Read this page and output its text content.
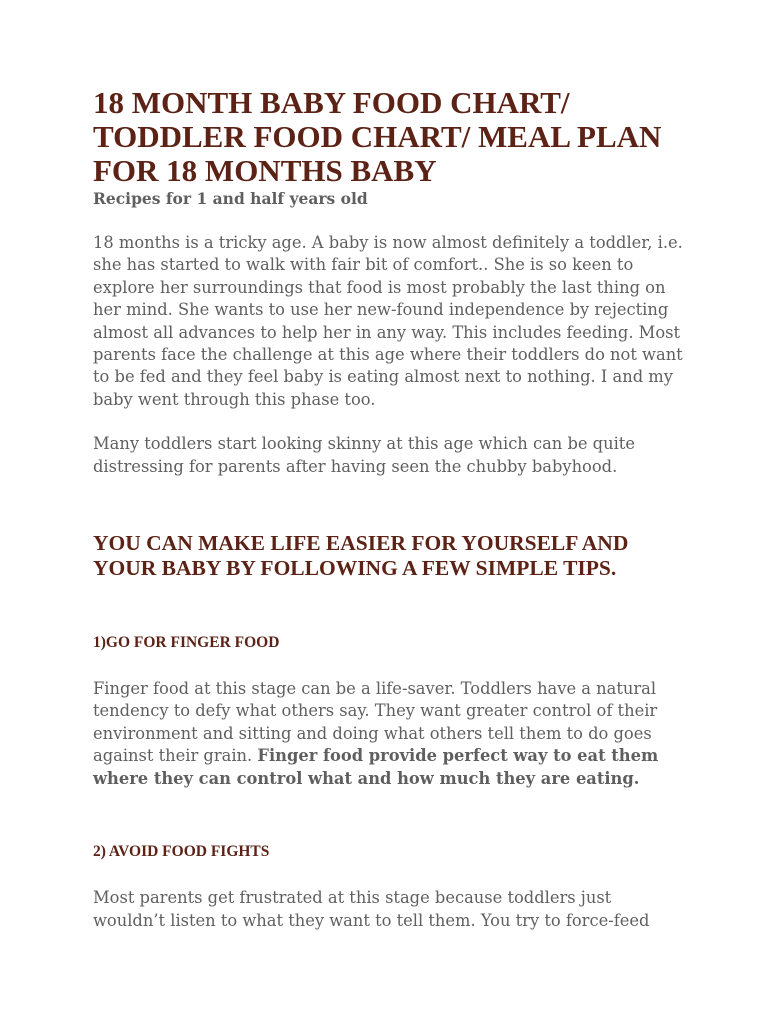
18 MONTH BABY FOOD CHART/ TODDLER FOOD CHART/ MEAL PLAN FOR 18 MONTHS BABY

Recipes for 1 and half years old

18 months is a tricky age. A baby is now almost definitely a toddler, i.e. she has started to walk with fair bit of comfort.. She is so keen to explore her surroundings that food is most probably the last thing on her mind. She wants to use her new-found independence by rejecting almost all advances to help her in any way. This includes feeding. Most parents face the challenge at this age where their toddlers do not want to be fed and they feel baby is eating almost next to nothing. I and my baby went through this phase too.

Many toddlers start looking skinny at this age which can be quite distressing for parents after having seen the chubby babyhood.

YOU CAN MAKE LIFE EASIER FOR YOURSELF AND YOUR BABY BY FOLLOWING A FEW SIMPLE TIPS.
1)GO FOR FINGER FOOD

Finger food at this stage can be a life-saver. Toddlers have a natural tendency to defy what others say. They want greater control of their environment and sitting and doing what others tell them to do goes against their grain. Finger food provide perfect way to eat them where they can control what and how much they are eating.

2) AVOID FOOD FIGHTS

Most parents get frustrated at this stage because toddlers just wouldn’t listen to what they want to tell them. You try to force-feed
